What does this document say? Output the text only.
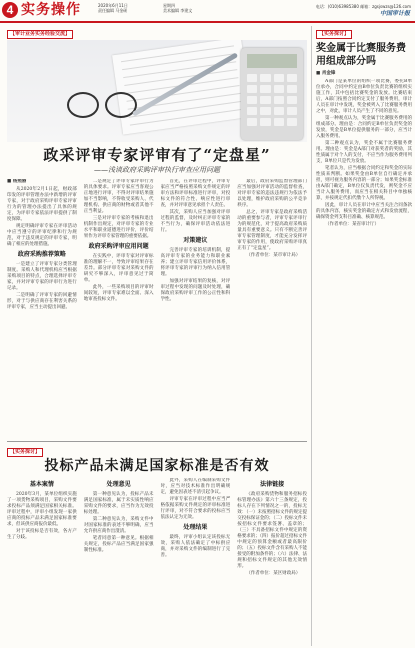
4 实务操作	2020年6月11日
责任编辑 马金硕
星期四
美术编辑 李建文
电话：(010)63985380 邮箱：zgsjswzs@126.com
中国审计报
【审计业务实务经验交流】
政采评审专家评审有了“定盘星”
——浅谈政府采购评审执行审查应用问题

■ 杨照丽

从2020年2月1日起，财政部印发的评审管理办法中新增的评审专家，对于政府采购评审专家评审行为的管理办法提出了具体的规定，为评审专家依法评审提供了制度保障。

规定明确评审专家在评审活动中应当遵守的评审纪律和行为规范，对于违反规定的评审专家，明确了相应的处理措施。

政府采购推荐策略

一是建立了评审专家分类管理制度。采购人和代理机构应当根据采购项目的特点，合理选择评审专家，并对评审专家的评审行为进行记录。

二是明确了评审专家的回避情形，对于与供应商存在利害关系的评审专家，应当主动提出回避。

二是规定了评审专家评审行为的具体要求。评审专家应当客观公正地进行评审，不得对评审结果施加不当影响，不得收受采购人、代理机构、供应商的财物或者其他不正当利益。

三是对评审专家的考核和退出机制作出规定，对评审专家的专业水平和职业道德进行评价，评价结果作为评审专家管理的重要依据。

政府采购评审应用问题

在实践中，评审专家对评审标准的理解不一，导致评审结果存在差异。部分评审专家对采购文件的研究不够深入，评审意见过于简单。

此外，一些采购项目的评审时间较短，评审专家难以全面、深入地审查投标文件。

首先，在评审过程中，评审专家应当严格按照采购文件规定的评审方法和评审标准进行评审，对投标文件的符合性、响应性进行审查，并对评审意见承担个人责任。

其次，采购人应当加强对评审过程的监督，及时纠正评审专家的不当行为，确保评审活动依法进行。

对策建议

完善评审专家的培训机制，提高评审专家的业务能力和职业素养；建立评审专家信用评价体系，将评审专家的评审行为纳入信用管理。

加强对评审结果的复核，对评审过程中发现的问题及时处理，确保政府采购评审工作的公正性和科学性。

最后，政府采购监督管理部门应当加强对评审活动的监督检查，对评审专家的违法违规行为依法予以处理，维护政府采购的公平竞争秩序。

总之，评审专家是政府采购活动的重要参与者，评审专家评审行为的规范化，对于提高政府采购质量具有重要意义。只有不断完善评审专家管理制度，才能充分发挥评审专家的作用，使政府采购评审真正有了“定盘星”。

（作者单位：某市审计局）

【实务探讨】
奖金属于比赛服务费用组成部分吗
■ 肖金锋

A部门是某单位的组织一项比赛，委托B单位承办，合同中约定由B单位负责比赛的组织实施工作，其中包括比赛奖金的发放。比赛结束后，A部门按照合同约定支付了服务费用，审计人员在审计中发现，奖金被列入了比赛服务费用之中，对此，审计人员产生了不同的意见。

第一种观点认为，奖金属于比赛服务费用的组成部分。理由是：合同约定B单位负责奖金的发放，奖金是B单位提供服务的一部分，应当计入服务费用。

第二种观点认为，奖金不属于比赛服务费用。理由是：奖金是A部门对获奖者的奖励，其性质属于对个人的支付，不应当作为服务费用列支，B单位只是代为发放。

笔者认为，应当根据合同约定和奖金的实际性质来判断。如果奖金由B单位自行确定并承担，则可视为服务内容的一部分；如果奖金标准由A部门确定，B单位仅负责代发，则奖金不应当计入服务费用，而应当在相关科目中单独核算，并按规定代扣代缴个人所得税。

因此，审计人员在审计中应当关注合同条款的具体内容，核实奖金的确定方式和发放流程，确保资金列支科目准确、核算规范。

（作者单位：某省审计厅）

【实务探讨】
投标产品未满足国家标准是否有效
基本案情

2020年3月，某单位组织实施了一项货物采购项目，采购文件要求投标产品须满足国家相关标准。评审过程中，评审小组发现一家供应商的投标产品未满足国家标准要求，但该供应商报价最低。

对于该投标是否有效，各方产生了分歧。

处理意见

第一种意见认为，投标产品未满足国家标准，属于未实质性响应采购文件的要求，应当作为无效投标处理。

第二种意见认为，采购文件中对国家标准的表述不够明确，应当允许供应商作出澄清。

笔者同意第一种意见。根据相关规定，投标产品应当满足国家强制性标准。

此外，采购人在编制采购文件时，应当对技术标准作出明确规定，避免因表述不清引起争议。

评审专家在评审过程中应当严格依据采购文件规定的评审标准进行评审，对不符合要求的投标应当依法认定为无效。

处理结果

最终，评审小组认定该投标无效，采购人依法确定了中标供应商，并对采购文件的编制进行了完善。

法律链接

《政府采购货物和服务招标投标管理办法》第六十三条规定，投标人存在下列情况之一的，投标无效：（一）未按照招标文件的规定提交投标保证金的；（二）投标文件未按招标文件要求签署、盖章的；（三）不具备招标文件中规定的资格要求的；（四）报价超过招标文件中规定的预算金额或者最高限价的；（五）投标文件含有采购人不能接受的附加条件的；（六）法律、法规和招标文件规定的其他无效情形。

（作者单位：某区财政局）
